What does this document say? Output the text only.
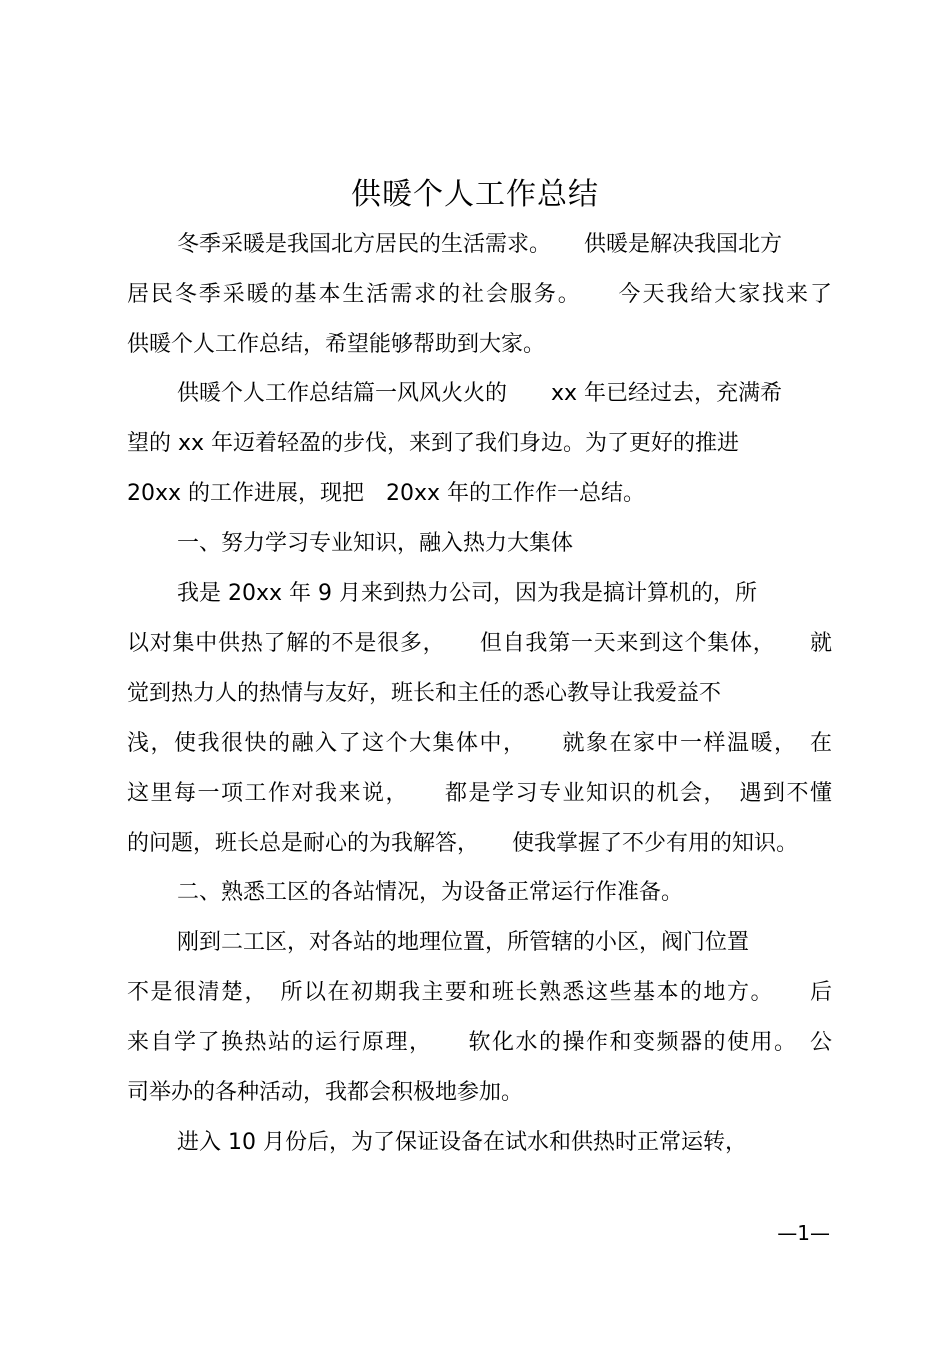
供暖个人工作总结
冬季采暖是我国北方居民的生活需求。　　供暖是解决我国北方
居民冬季采暖的基本生活需求的社会服务。　　今天我给大家找来了
供暖个人工作总结，希望能够帮助到大家。
供暖个人工作总结篇一风风火火的　　xx 年已经过去，充满希
望的 xx 年迈着轻盈的步伐，来到了我们身边。为了更好的推进
20xx 的工作进展，现把　20xx 年的工作作一总结。
一、努力学习专业知识，融入热力大集体
我是 20xx 年 9 月来到热力公司，因为我是搞计算机的，所
以对集中供热了解的不是很多，　　但自我第一天来到这个集体，　　就
觉到热力人的热情与友好，班长和主任的悉心教导让我爱益不
浅，使我很快的融入了这个大集体中，　　就象在家中一样温暖，　在
这里每一项工作对我来说，　　都是学习专业知识的机会，　遇到不懂
的问题，班长总是耐心的为我解答，　　使我掌握了不少有用的知识。
二、熟悉工区的各站情况，为设备正常运行作准备。
刚到二工区，对各站的地理位置，所管辖的小区，阀门位置
不是很清楚，　所以在初期我主要和班长熟悉这些基本的地方。　　后
来自学了换热站的运行原理，　　软化水的操作和变频器的使用。　公
司举办的各种活动，我都会积极地参加。
进入 10 月份后，为了保证设备在试水和供热时正常运转，
—1—
